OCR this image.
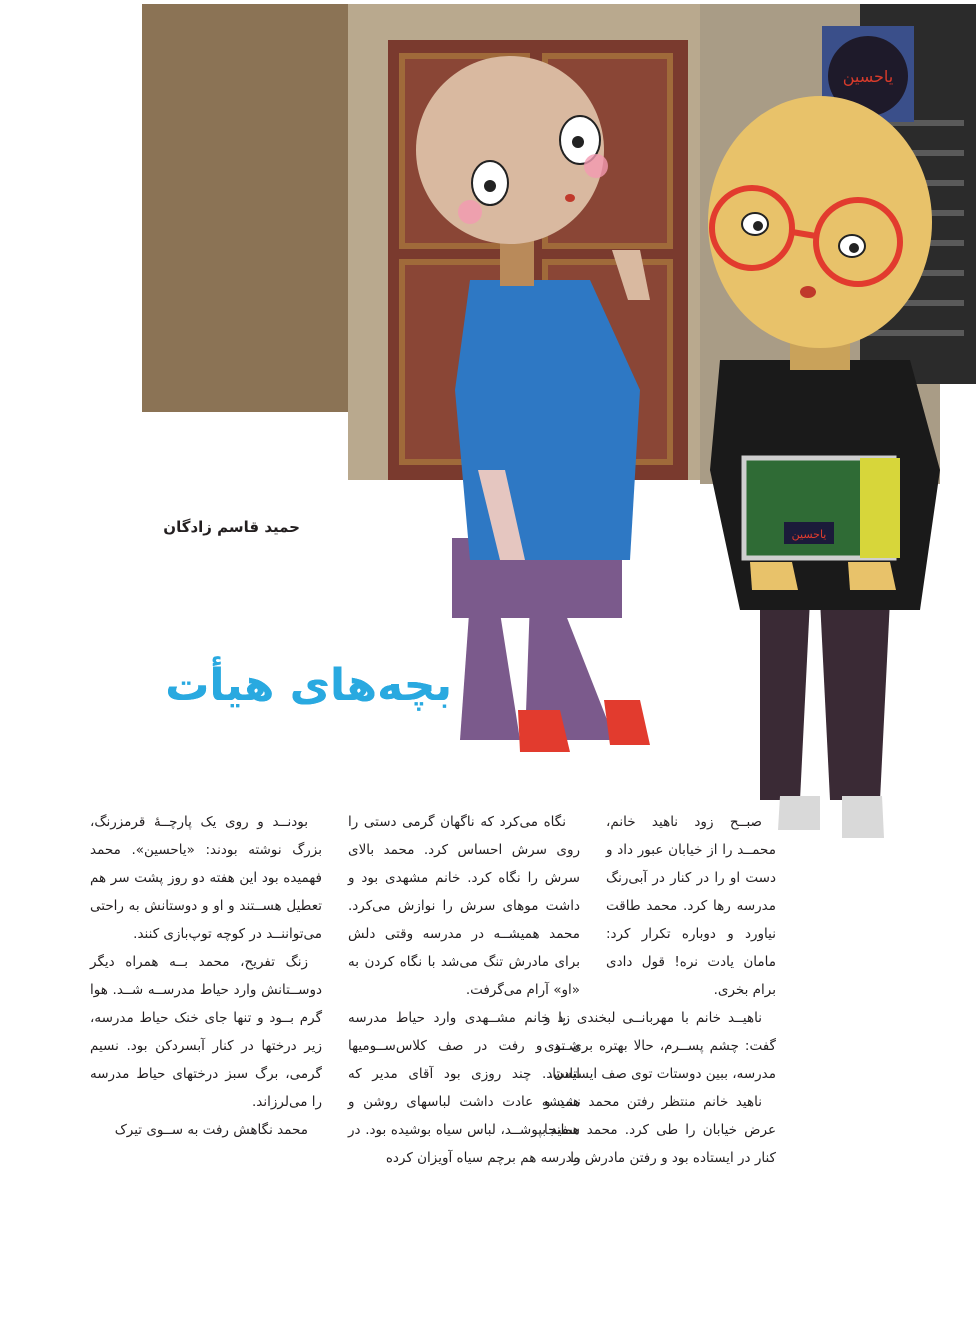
یاحسین
یاحسین
حمید قاسم زادگان
بچه‌های هیأت

صبــح زود ناهید خانم، محمــد را از خیابان عبور داد و دست او را در کنار در آبی‌رنگ مدرسه رها کرد. محمد طاقت نیاورد و دوباره تکرار کرد: مامان یادت نره! قول دادی برام بخری.

ناهیــد خانم با مهربانــی لبخندی زد و گفت: چشم پســرم، حالا بهتره بری توی مدرسه، ببین دوستات توی صف ایستادن.

ناهید خانم منتظر رفتن محمد نشد و عرض خیابان را طی کرد. محمد همانجا کنار در ایستاده بود و رفتن مادرش را

نگاه می‌کرد که ناگهان گرمی دستی را روی سرش احساس کرد. محمد بالای سرش را نگاه کرد. خانم مشهدی بود و داشت موهای سرش را نوازش می‌کرد. محمد همیشــه در مدرسه وقتی دلش برای مادرش تنگ می‌شد با نگاه کردن به «او» آرام می‌گرفت.

با خانم مشــهدی وارد حیاط مدرسه شــد و رفت در صف کلاس‌ســومیها ایستاد. چند روزی بود آقای مدیر که همیشه عادت داشت لباسهای روشن و سفید بپوشــد، لباس سیاه بوشیده بود. در مدرسه هم برچم سیاه آویزان کرده

بودنــد و روی یک پارچــۀ قرمزرنگ، بزرگ نوشته بودند: «یاحسین». محمد فهمیده بود این هفته دو روز پشت سر هم تعطیل هســتند و او و دوستانش به راحتی می‌تواننــد در کوچه توپ‌بازی کنند.

زنگ تفریح، محمد بــه همراه دیگر دوســتانش وارد حیاط مدرســه شــد. هوا گرم بــود و تنها جای خنک حیاط مدرسه، زیر درختها در کنار آبسردکن بود. نسیم گرمی، برگ سبز درختهای حیاط مدرسه را می‌لرزاند.

محمد نگاهش رفت به ســوی تیرک
